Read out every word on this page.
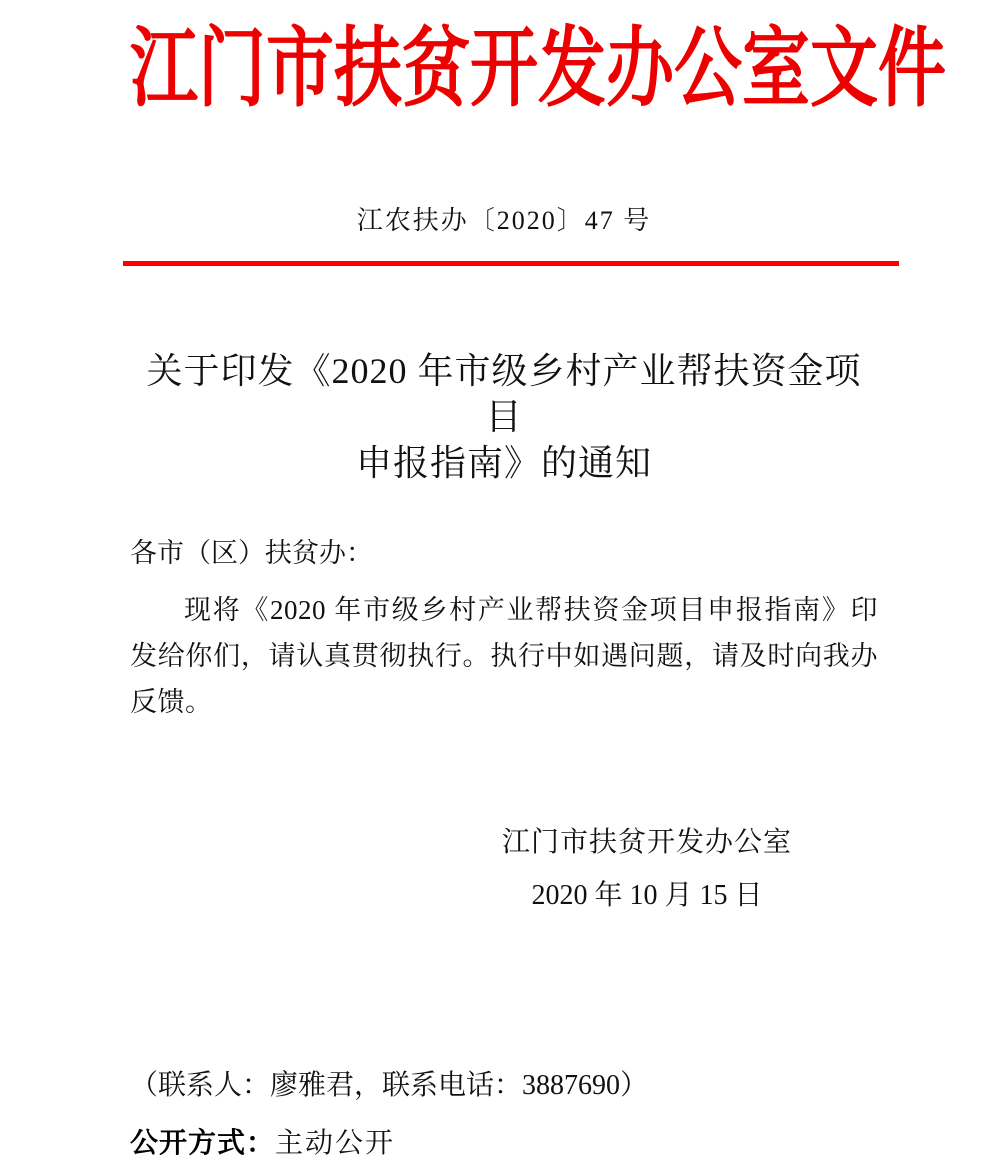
江门市扶贫开发办公室文件
江农扶办〔2020〕47 号
关于印发《2020 年市级乡村产业帮扶资金项目
申报指南》的通知
各市（区）扶贫办：
现将《2020 年市级乡村产业帮扶资金项目申报指南》印发给你们，请认真贯彻执行。执行中如遇问题，请及时向我办反馈。
江门市扶贫开发办公室
2020 年 10 月 15 日
（联系人：廖雅君，联系电话：3887690）
公开方式：主动公开
